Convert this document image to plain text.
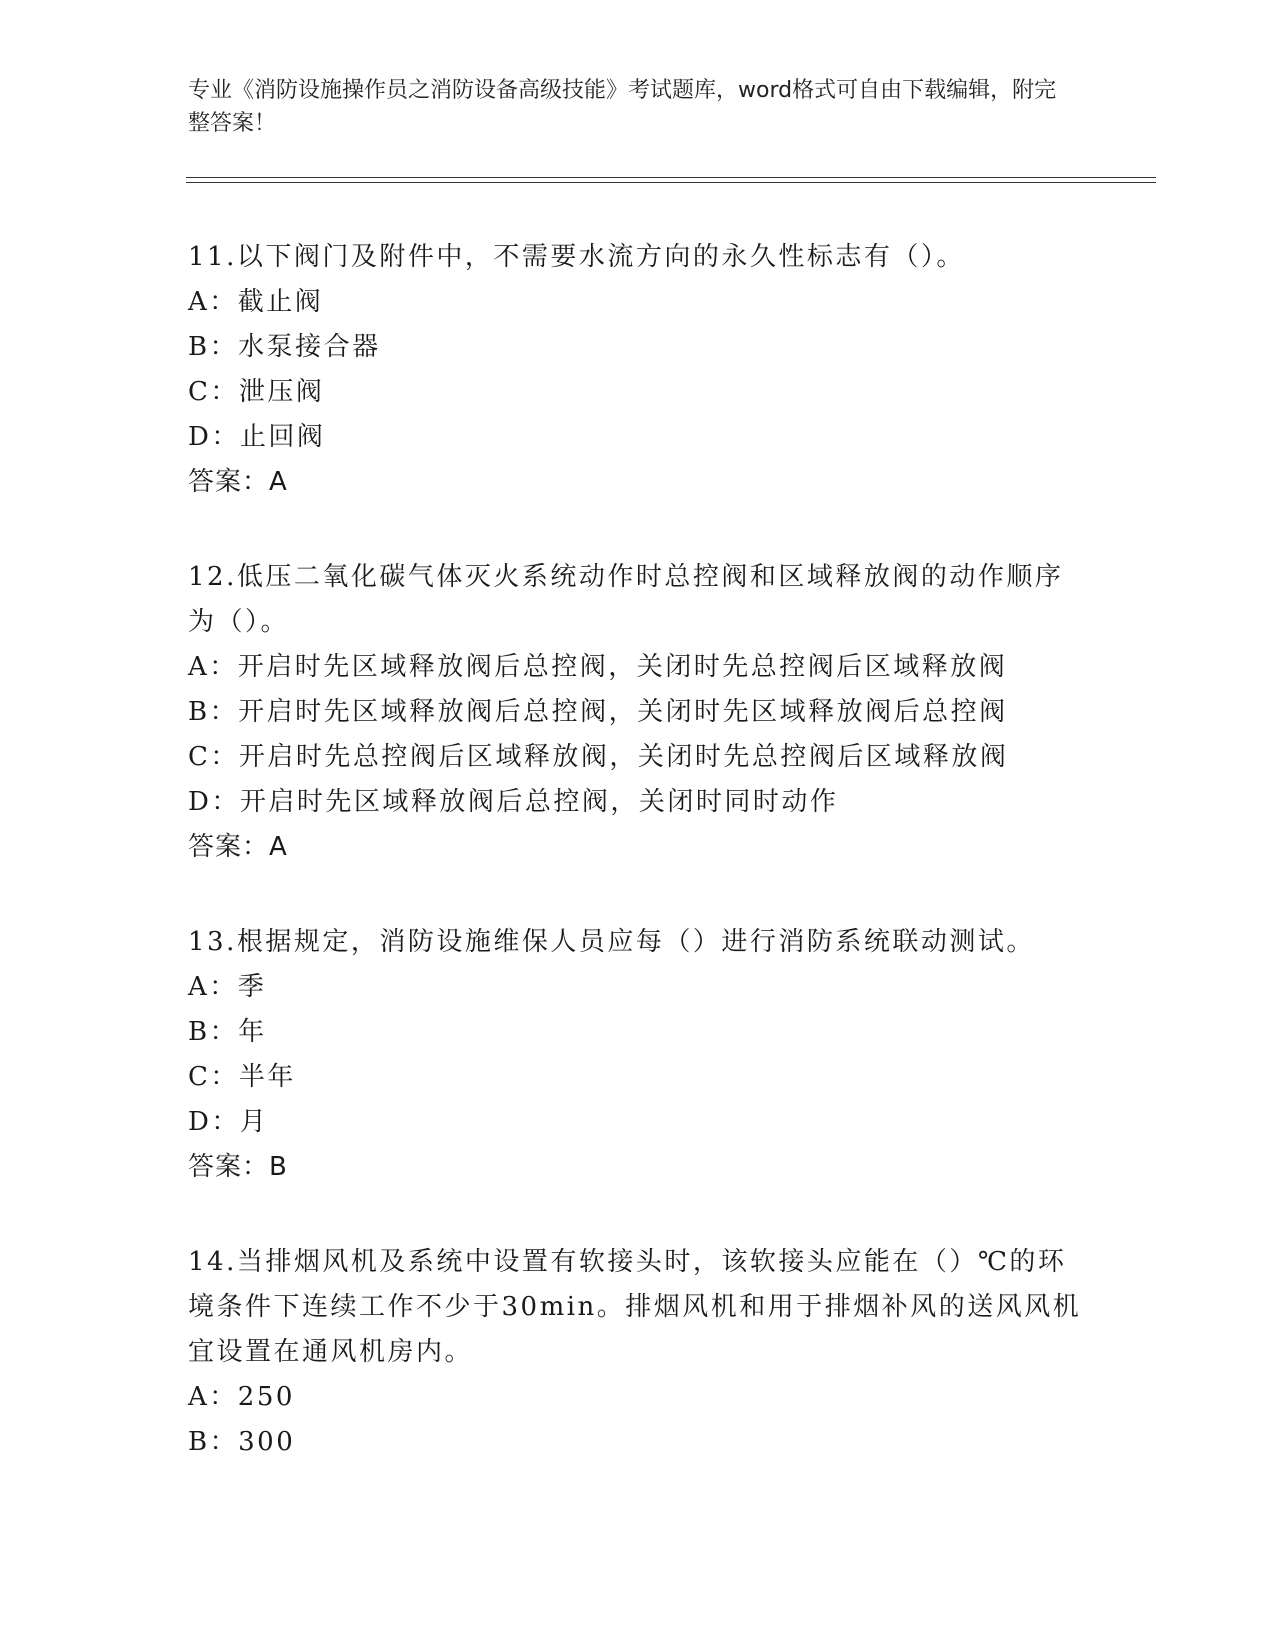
专业《消防设施操作员之消防设备高级技能》考试题库，word格式可自由下载编辑，附完整答案！

11.以下阀门及附件中，不需要水流方向的永久性标志有（）。

A：截止阀
B：水泵接合器
C：泄压阀
D：止回阀
答案：A

12.低压二氧化碳气体灭火系统动作时总控阀和区域释放阀的动作顺序为（）。

A：开启时先区域释放阀后总控阀，关闭时先总控阀后区域释放阀
B：开启时先区域释放阀后总控阀，关闭时先区域释放阀后总控阀
C：开启时先总控阀后区域释放阀，关闭时先总控阀后区域释放阀
D：开启时先区域释放阀后总控阀，关闭时同时动作
答案：A

13.根据规定，消防设施维保人员应每（）进行消防系统联动测试。

A：季
B：年
C：半年
D：月
答案：B

14.当排烟风机及系统中设置有软接头时，该软接头应能在（）℃的环境条件下连续工作不少于30min。排烟风机和用于排烟补风的送风风机宜设置在通风机房内。

A：250
B：300
